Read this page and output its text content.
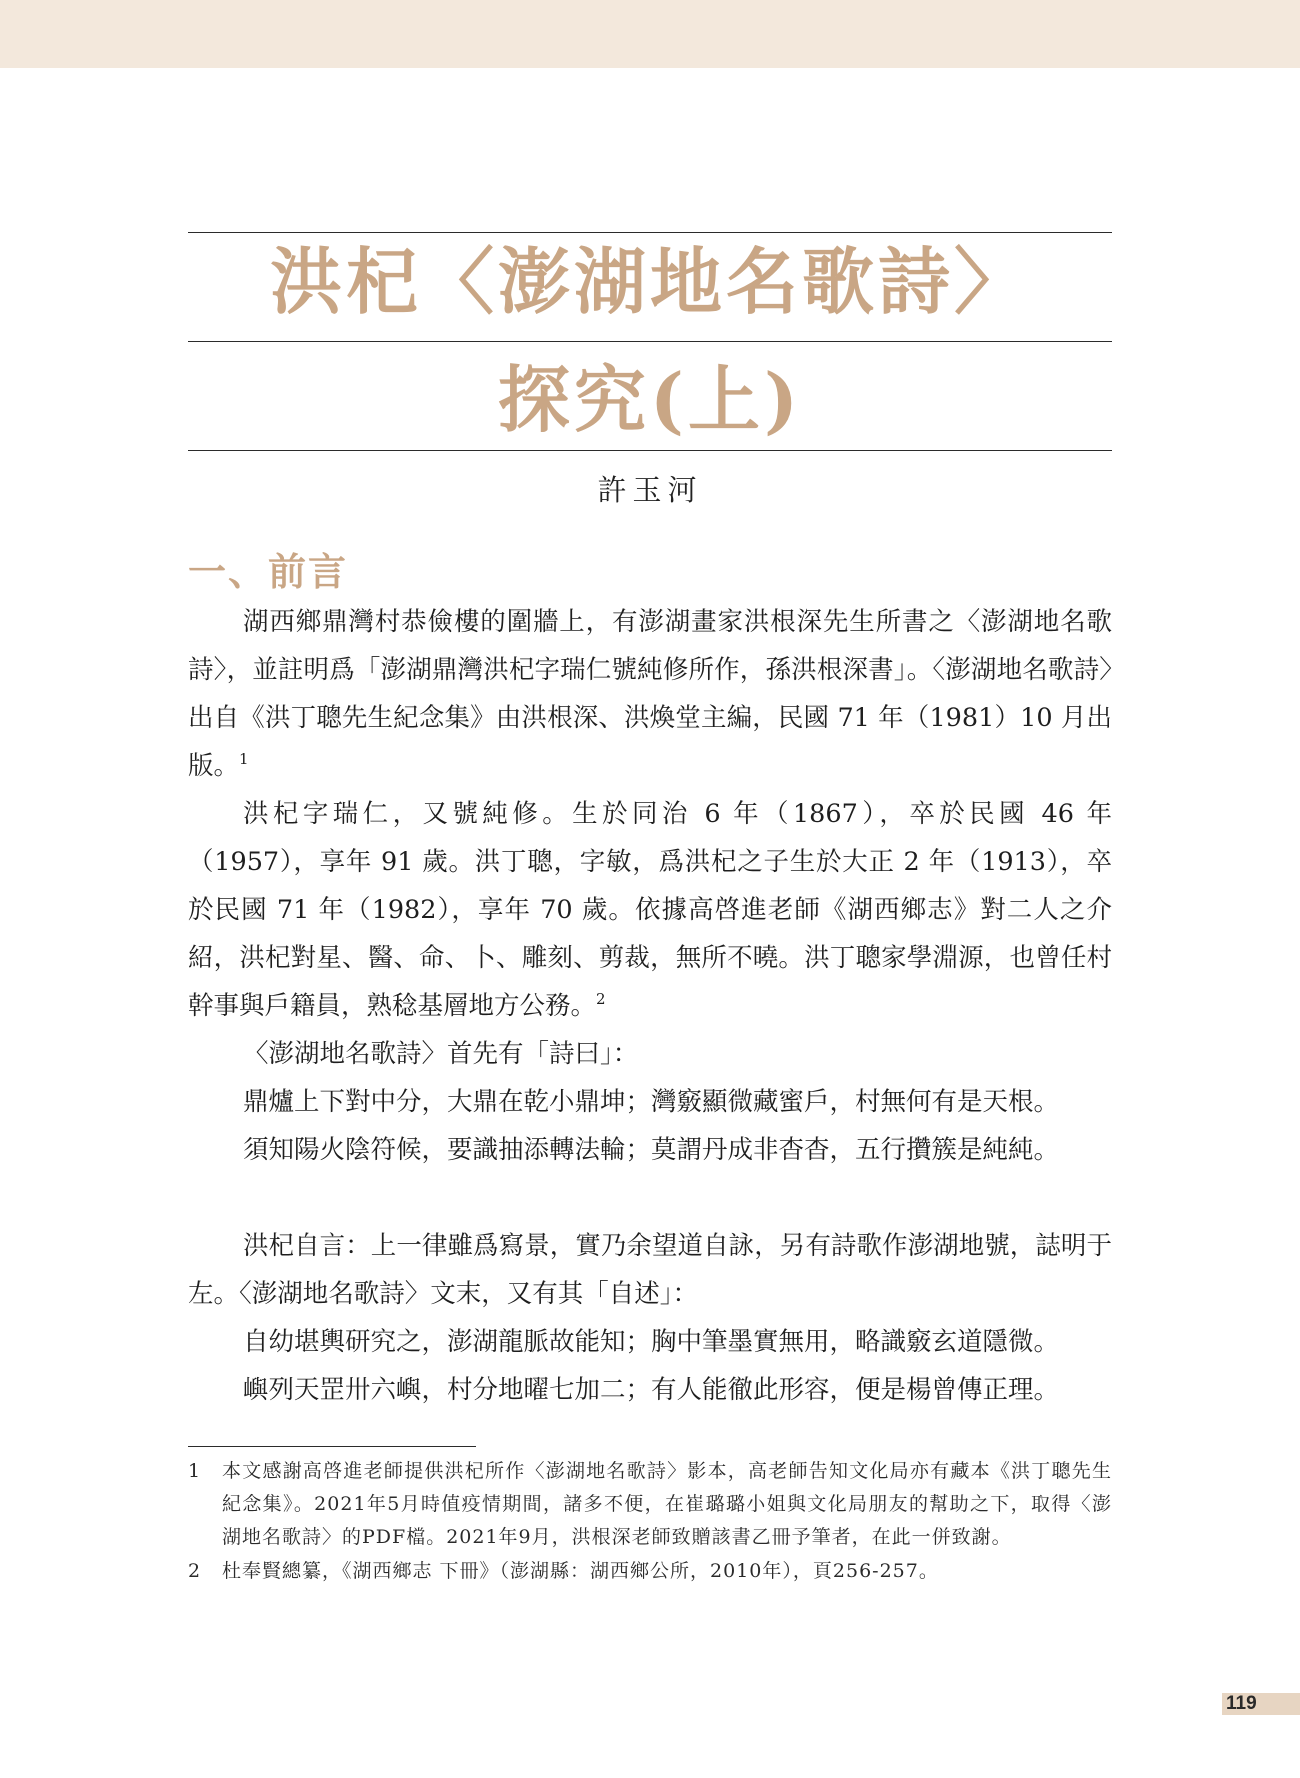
洪杞〈澎湖地名歌詩〉
探究(上)
許玉河
一、前言

湖西鄉鼎灣村恭儉樓的圍牆上，有澎湖畫家洪根深先生所書之〈澎湖地名歌詩〉，並註明爲「澎湖鼎灣洪杞字瑞仁號純修所作，孫洪根深書」。〈澎湖地名歌詩〉出自《洪丁聰先生紀念集》由洪根深、洪煥堂主編，民國 71 年（1981）10 月出版。$^1$

洪杞字瑞仁，又號純修。生於同治 6 年（1867），卒於民國 46 年（1957），享年 91 歲。洪丁聰，字敏，爲洪杞之子生於大正 2 年（1913），卒於民國 71 年（1982），享年 70 歲。依據高啓進老師《湖西鄉志》對二人之介紹，洪杞對星、醫、命、卜、雕刻、剪裁，無所不曉。洪丁聰家學淵源，也曾任村幹事與戶籍員，熟稔基層地方公務。$^2$

〈澎湖地名歌詩〉首先有「詩曰」：

鼎爐上下對中分，大鼎在乾小鼎坤；灣竅顯微藏蜜戶，村無何有是天根。

須知陽火陰符候，要識抽添轉法輪；莫謂丹成非杳杳，五行攢簇是純純。

洪杞自言：上一律雖爲寫景，實乃余望道自詠，另有詩歌作澎湖地號，誌明于左。〈澎湖地名歌詩〉文末，又有其「自述」：

自幼堪輿研究之，澎湖龍脈故能知；胸中筆墨實無用，略識竅玄道隱微。

嶼列天罡卅六嶼，村分地曜七加二；有人能徹此形容，便是楊曾傳正理。

1	本文感謝高啓進老師提供洪杞所作〈澎湖地名歌詩〉影本，高老師告知文化局亦有藏本《洪丁聰先生紀念集》。2021年5月時值疫情期間，諸多不便，在崔璐璐小姐與文化局朋友的幫助之下，取得〈澎湖地名歌詩〉的PDF檔。2021年9月，洪根深老師致贈該書乙冊予筆者，在此一併致謝。
2	杜奉賢總纂，《湖西鄉志 下冊》（澎湖縣：湖西鄉公所，2010年），頁256-257。
119
